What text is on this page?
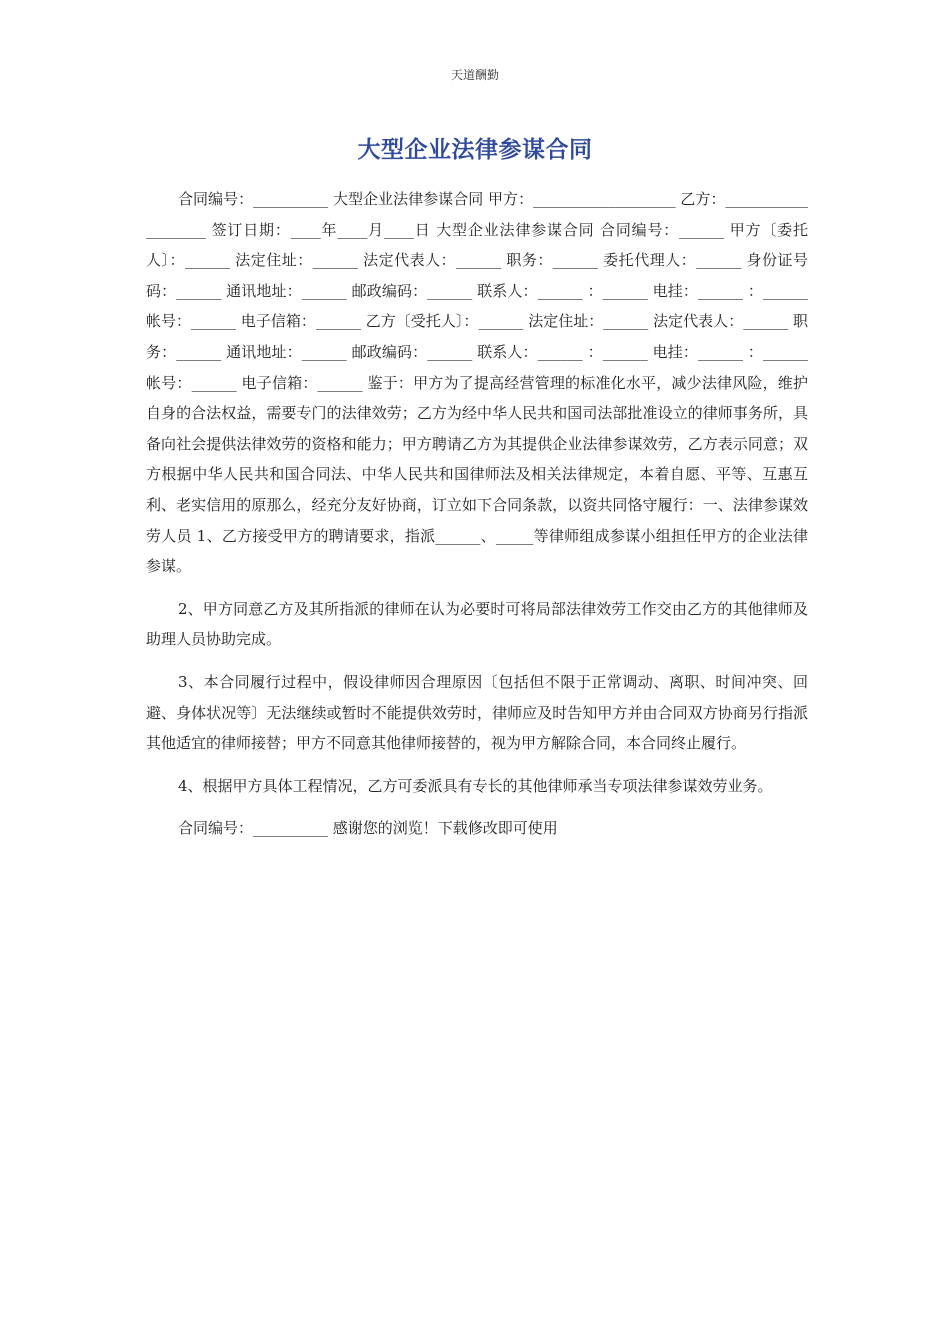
天道酬勤
大型企业法律参谋合同

合同编号：__________ 大型企业法律参谋合同 甲方：___________________ 乙方：___________________ 签订日期：____年____月____日 大型企业法律参谋合同 合同编号：______ 甲方〔委托人〕：______ 法定住址：______ 法定代表人：______ 职务：______ 委托代理人：______ 身份证号码：______ 通讯地址：______ 邮政编码：______ 联系人：______ ：______ 电挂：______ ：______ 帐号：______ 电子信箱：______ 乙方〔受托人〕：______ 法定住址：______ 法定代表人：______ 职务：______ 通讯地址：______ 邮政编码：______ 联系人：______ ：______ 电挂：______ ：______ 帐号：______ 电子信箱：______ 鉴于：甲方为了提高经营管理的标准化水平，减少法律风险，维护自身的合法权益，需要专门的法律效劳；乙方为经中华人民共和国司法部批准设立的律师事务所，具备向社会提供法律效劳的资格和能力；甲方聘请乙方为其提供企业法律参谋效劳，乙方表示同意；双方根据中华人民共和国合同法、中华人民共和国律师法及相关法律规定，本着自愿、平等、互惠互利、老实信用的原那么，经充分友好协商，订立如下合同条款，以资共同恪守履行：一、法律参谋效劳人员 1、乙方接受甲方的聘请要求，指派______、_____等律师组成参谋小组担任甲方的企业法律参谋。

2、甲方同意乙方及其所指派的律师在认为必要时可将局部法律效劳工作交由乙方的其他律师及助理人员协助完成。

3、本合同履行过程中，假设律师因合理原因〔包括但不限于正常调动、离职、时间冲突、回避、身体状况等〕无法继续或暂时不能提供效劳时，律师应及时告知甲方并由合同双方协商另行指派其他适宜的律师接替；甲方不同意其他律师接替的，视为甲方解除合同，本合同终止履行。

4、根据甲方具体工程情况，乙方可委派具有专长的其他律师承当专项法律参谋效劳业务。

合同编号：__________ 感谢您的浏览！下载修改即可使用
